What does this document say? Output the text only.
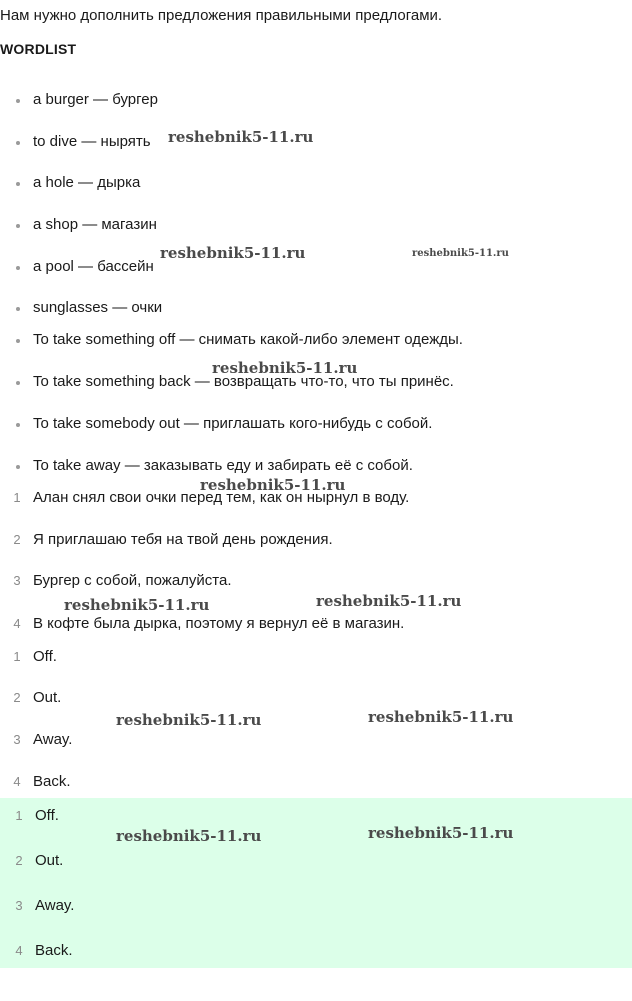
Нам нужно дополнить предложения правильными предлогами.
WORDLIST
a burger — бургер
to dive — нырять
a hole — дырка
a shop — магазин
a pool — бассейн
sunglasses — очки
To take something off — снимать какой-либо элемент одежды.
To take something back — возвращать что-то, что ты принёс.
To take somebody out — приглашать кого-нибудь с собой.
To take away — заказывать еду и забирать её с собой.
1 Алан снял свои очки перед тем, как он нырнул в воду.
2 Я приглашаю тебя на твой день рождения.
3 Бургер с собой, пожалуйста.
4 В кофте была дырка, поэтому я вернул её в магазин.
1 Off.
2 Out.
3 Away.
4 Back.
1 Off.
2 Out.
3 Away.
4 Back.
reshebnik5-11.ru
reshebnik5-11.ru	reshebnik5-11.ru
reshebnik5-11.ru
reshebnik5-11.ru
reshebnik5-11.ru	reshebnik5-11.ru
reshebnik5-11.ru	reshebnik5-11.ru
reshebnik5-11.ru	reshebnik5-11.ru
